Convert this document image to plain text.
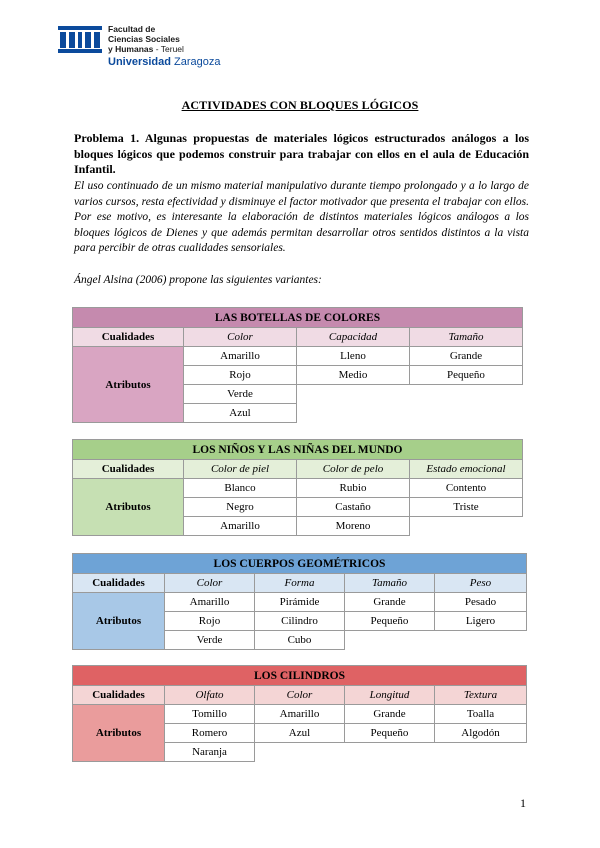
Facultad de
Ciencias Sociales
y Humanas - Teruel
Universidad Zaragoza
ACTIVIDADES CON BLOQUES LÓGICOS
Problema 1. Algunas propuestas de materiales lógicos estructurados análogos a los bloques lógicos que podemos construir para trabajar con ellos en el aula de Educación Infantil.
El uso continuado de un mismo material manipulativo durante tiempo prolongado y a lo largo de varios cursos, resta efectividad y disminuye el factor motivador que presenta el trabajar con ellos. Por ese motivo, es interesante la elaboración de distintos materiales lógicos análogos a los bloques lógicos de Dienes y que además permitan desarrollar otros sentidos distintos a la vista para percibir de otras cualidades sensoriales.
Ángel Alsina (2006) propone las siguientes variantes:
LAS BOTELLAS DE COLORES			
Cualidades	Color	Capacidad	Tamaño
Atributos	Amarillo	Lleno	Grande
	Rojo	Medio	Pequeño
	Verde		
	Azul		
LOS NIÑOS Y LAS NIÑAS DEL MUNDO			
Cualidades	Color de piel	Color de pelo	Estado emocional
Atributos	Blanco	Rubio	Contento
	Negro	Castaño	Triste
	Amarillo	Moreno	
LOS CUERPOS GEOMÉTRICOS				
Cualidades	Color	Forma	Tamaño	Peso
Atributos	Amarillo	Pirámide	Grande	Pesado
	Rojo	Cilindro	Pequeño	Ligero
	Verde	Cubo		
LOS CILINDROS				
Cualidades	Olfato	Color	Longitud	Textura
Atributos	Tomillo	Amarillo	Grande	Toalla
	Romero	Azul	Pequeño	Algodón
	Naranja			
1
